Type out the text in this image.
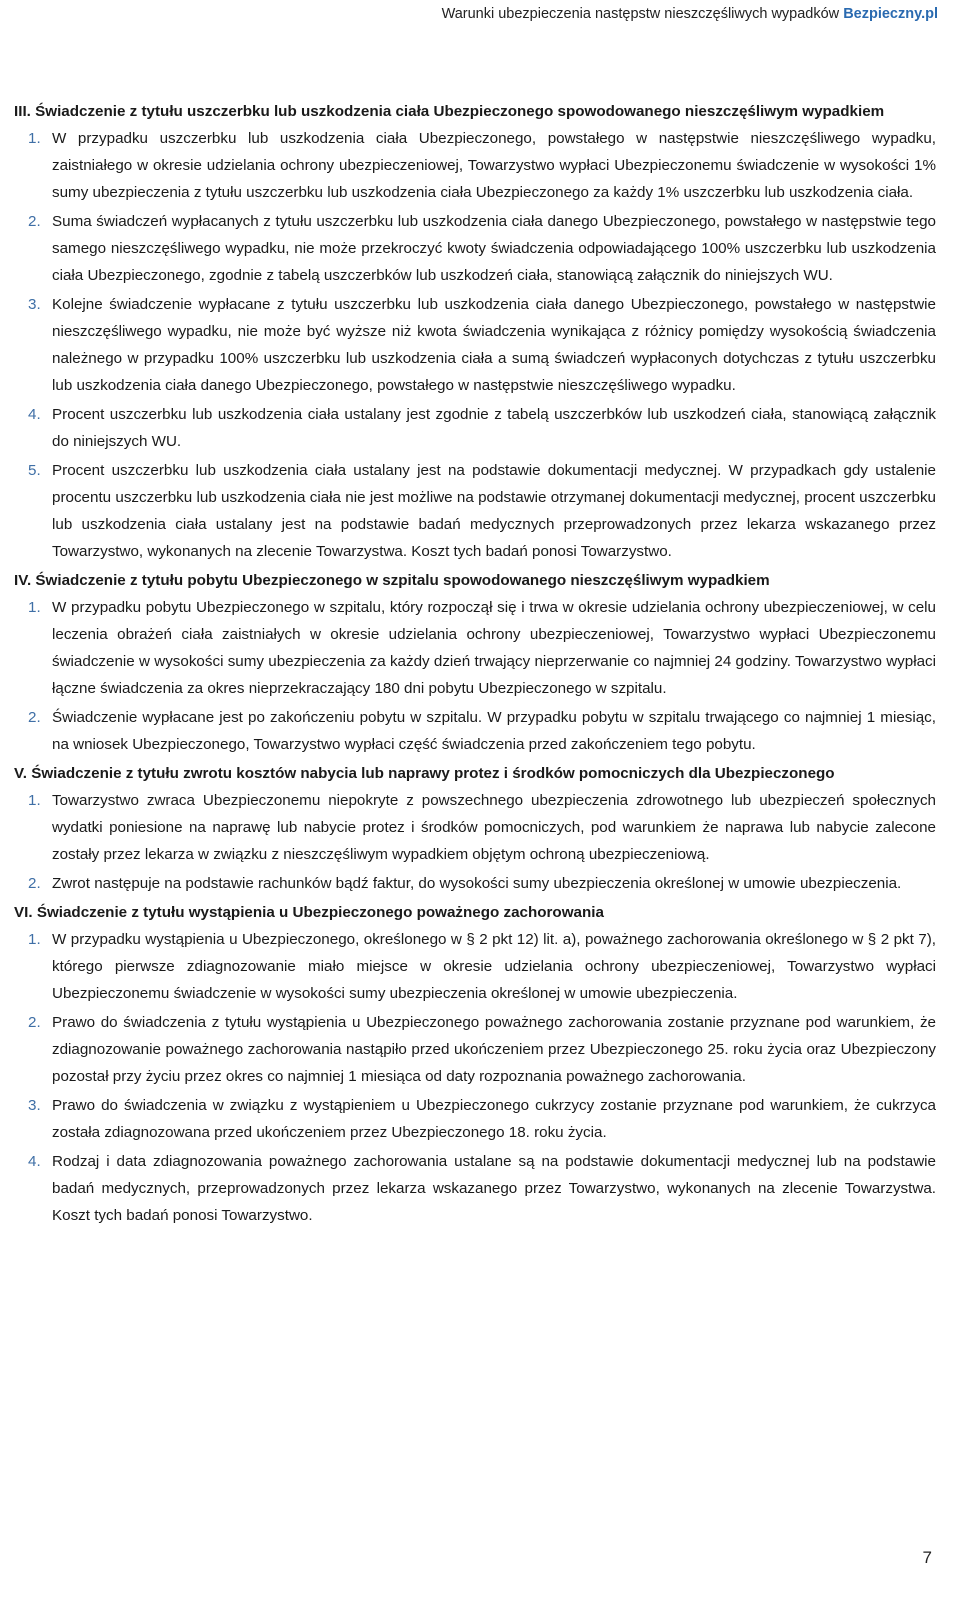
Warunki ubezpieczenia następstw nieszczęśliwych wypadków Bezpieczny.pl
III. Świadczenie z tytułu uszczerbku lub uszkodzenia ciała Ubezpieczonego spowodowanego nieszczęśliwym wypadkiem
1. W przypadku uszczerbku lub uszkodzenia ciała Ubezpieczonego, powstałego w następstwie nieszczęśliwego wypadku, zaistniałego w okresie udzielania ochrony ubezpieczeniowej, Towarzystwo wypłaci Ubezpieczonemu świadczenie w wysokości 1% sumy ubezpieczenia z tytułu uszczerbku lub uszkodzenia ciała Ubezpieczonego za każdy 1% uszczerbku lub uszkodzenia ciała.
2. Suma świadczeń wypłacanych z tytułu uszczerbku lub uszkodzenia ciała danego Ubezpieczonego, powstałego w następstwie tego samego nieszczęśliwego wypadku, nie może przekroczyć kwoty świadczenia odpowiadającego 100% uszczerbku lub uszkodzenia ciała Ubezpieczonego, zgodnie z tabelą uszczerbków lub uszkodzeń ciała, stanowiącą załącznik do niniejszych WU.
3. Kolejne świadczenie wypłacane z tytułu uszczerbku lub uszkodzenia ciała danego Ubezpieczonego, powstałego w następstwie nieszczęśliwego wypadku, nie może być wyższe niż kwota świadczenia wynikająca z różnicy pomiędzy wysokością świadczenia należnego w przypadku 100% uszczerbku lub uszkodzenia ciała a sumą świadczeń wypłaconych dotychczas z tytułu uszczerbku lub uszkodzenia ciała danego Ubezpieczonego, powstałego w następstwie nieszczęśliwego wypadku.
4. Procent uszczerbku lub uszkodzenia ciała ustalany jest zgodnie z tabelą uszczerbków lub uszkodzeń ciała, stanowiącą załącznik do niniejszych WU.
5. Procent uszczerbku lub uszkodzenia ciała ustalany jest na podstawie dokumentacji medycznej. W przypadkach gdy ustalenie procentu uszczerbku lub uszkodzenia ciała nie jest możliwe na podstawie otrzymanej dokumentacji medycznej, procent uszczerbku lub uszkodzenia ciała ustalany jest na podstawie badań medycznych przeprowadzonych przez lekarza wskazanego przez Towarzystwo, wykonanych na zlecenie Towarzystwa. Koszt tych badań ponosi Towarzystwo.
IV. Świadczenie z tytułu pobytu Ubezpieczonego w szpitalu spowodowanego nieszczęśliwym wypadkiem
1. W przypadku pobytu Ubezpieczonego w szpitalu, który rozpoczął się i trwa w okresie udzielania ochrony ubezpieczeniowej, w celu leczenia obrażeń ciała zaistniałych w okresie udzielania ochrony ubezpieczeniowej, Towarzystwo wypłaci Ubezpieczonemu świadczenie w wysokości sumy ubezpieczenia za każdy dzień trwający nieprzerwanie co najmniej 24 godziny. Towarzystwo wypłaci łączne świadczenia za okres nieprzekraczający 180 dni pobytu Ubezpieczonego w szpitalu.
2. Świadczenie wypłacane jest po zakończeniu pobytu w szpitalu. W przypadku pobytu w szpitalu trwającego co najmniej 1 miesiąc, na wniosek Ubezpieczonego, Towarzystwo wypłaci część świadczenia przed zakończeniem tego pobytu.
V. Świadczenie z tytułu zwrotu kosztów nabycia lub naprawy protez i środków pomocniczych dla Ubezpieczonego
1. Towarzystwo zwraca Ubezpieczonemu niepokryte z powszechnego ubezpieczenia zdrowotnego lub ubezpieczeń społecznych wydatki poniesione na naprawę lub nabycie protez i środków pomocniczych, pod warunkiem że naprawa lub nabycie zalecone zostały przez lekarza w związku z nieszczęśliwym wypadkiem objętym ochroną ubezpieczeniową.
2. Zwrot następuje na podstawie rachunków bądź faktur, do wysokości sumy ubezpieczenia określonej w umowie ubezpieczenia.
VI. Świadczenie z tytułu wystąpienia u Ubezpieczonego poważnego zachorowania
1. W przypadku wystąpienia u Ubezpieczonego, określonego w § 2 pkt 12) lit. a), poważnego zachorowania określonego w § 2 pkt 7), którego pierwsze zdiagnozowanie miało miejsce w okresie udzielania ochrony ubezpieczeniowej, Towarzystwo wypłaci Ubezpieczonemu świadczenie w wysokości sumy ubezpieczenia określonej w umowie ubezpieczenia.
2. Prawo do świadczenia z tytułu wystąpienia u Ubezpieczonego poważnego zachorowania zostanie przyznane pod warunkiem, że zdiagnozowanie poważnego zachorowania nastąpiło przed ukończeniem przez Ubezpieczonego 25. roku życia oraz Ubezpieczony pozostał przy życiu przez okres co najmniej 1 miesiąca od daty rozpoznania poważnego zachorowania.
3. Prawo do świadczenia w związku z wystąpieniem u Ubezpieczonego cukrzycy zostanie przyznane pod warunkiem, że cukrzyca została zdiagnozowana przed ukończeniem przez Ubezpieczonego 18. roku życia.
4. Rodzaj i data zdiagnozowania poważnego zachorowania ustalane są na podstawie dokumentacji medycznej lub na podstawie badań medycznych, przeprowadzonych przez lekarza wskazanego przez Towarzystwo, wykonanych na zlecenie Towarzystwa. Koszt tych badań ponosi Towarzystwo.
7
